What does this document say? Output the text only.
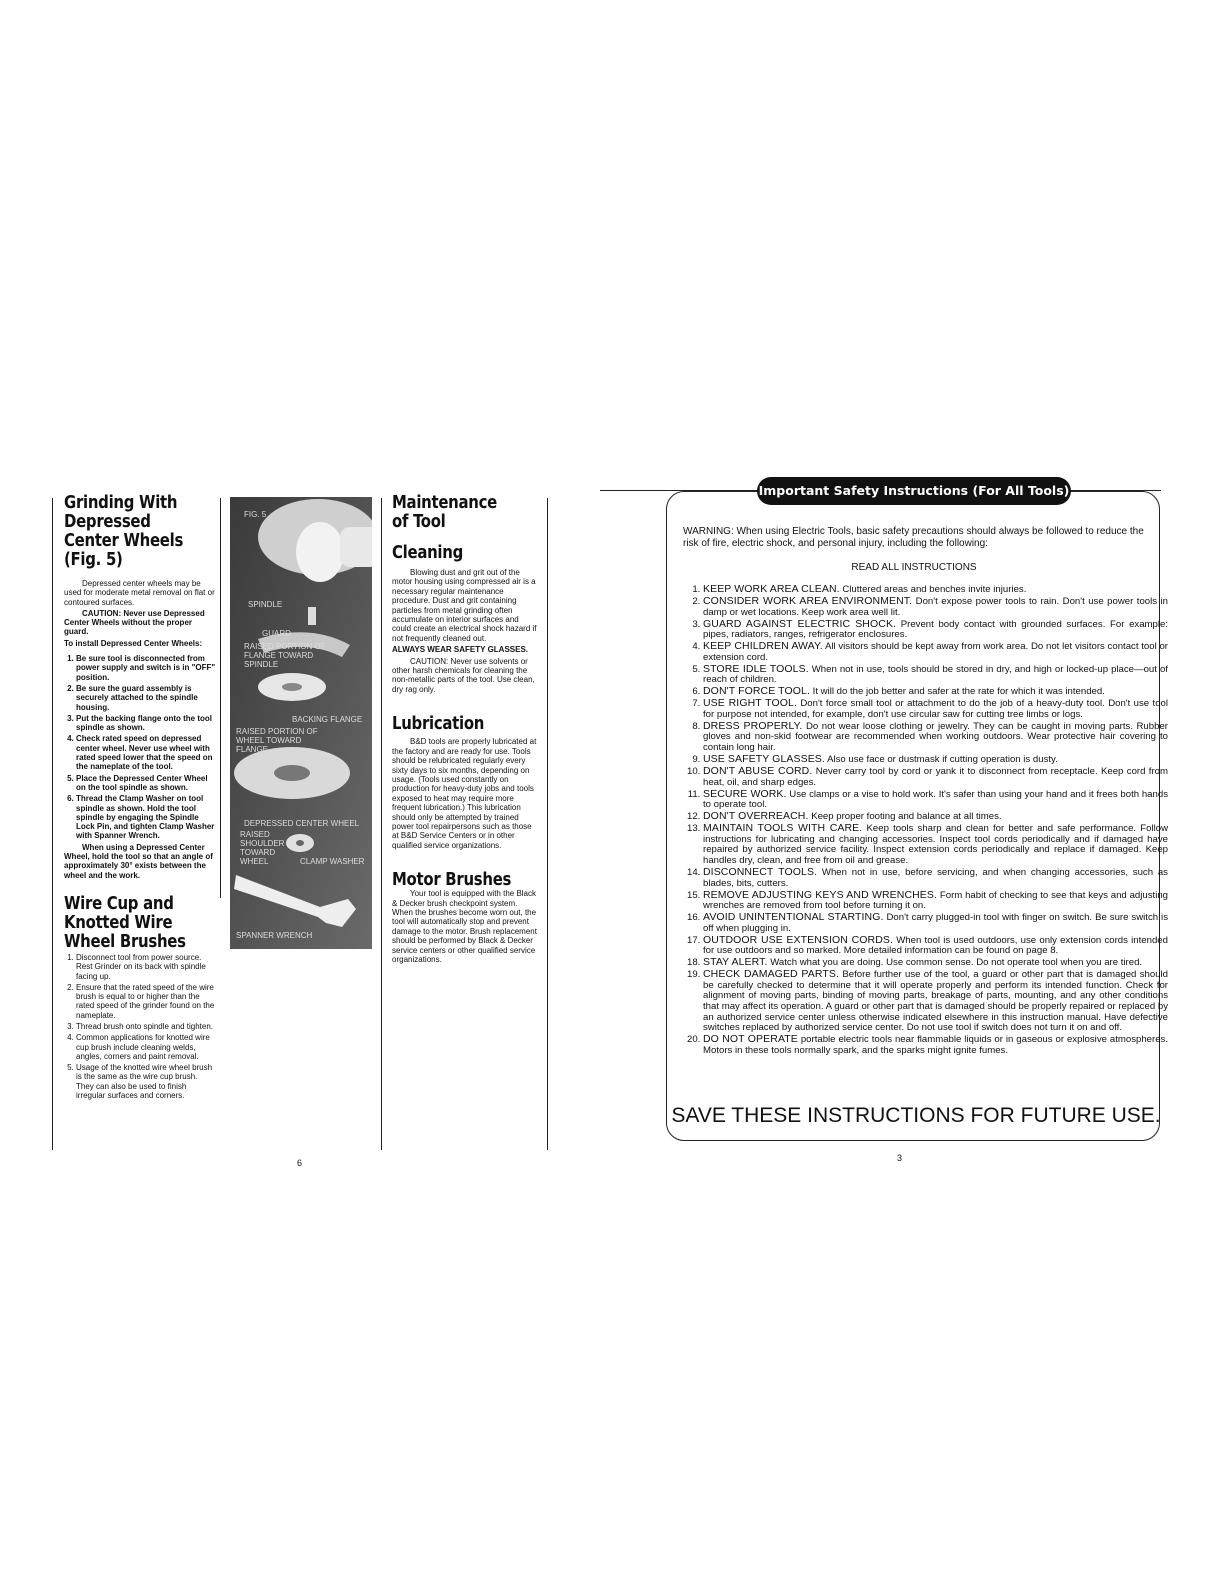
Grinding With
Depressed
Center Wheels
(Fig. 5)

Depressed center wheels may be used for moderate metal removal on flat or contoured surfaces.

CAUTION: Never use Depressed Center Wheels without the proper guard.

To install Depressed Center Wheels:

1. Be sure tool is disconnected from power supply and switch is in "OFF" position.
2. Be sure the guard assembly is securely attached to the spindle housing.
3. Put the backing flange onto the tool spindle as shown.
4. Check rated speed on depressed center wheel. Never use wheel with rated speed lower that the speed on the nameplate of the tool.
5. Place the Depressed Center Wheel on the tool spindle as shown.
6. Thread the Clamp Washer on tool spindle as shown. Hold the tool spindle by engaging the Spindle Lock Pin, and tighten Clamp Washer with Spanner Wrench.

When using a Depressed Center Wheel, hold the tool so that an angle of approximately 30° exists between the wheel and the work.

Wire Cup and
Knotted Wire
Wheel Brushes
1. Disconnect tool from power source. Rest Grinder on its back with spindle facing up.
2. Ensure that the rated speed of the wire brush is equal to or higher than the rated speed of the grinder found on the nameplate.
3. Thread brush onto spindle and tighten.
4. Common applications for knotted wire cup brush include cleaning welds, angles, corners and paint removal.
5. Usage of the knotted wire wheel brush is the same as the wire cup brush. They can also be used to finish irregular surfaces and corners.
FIG. 5
SPINDLE
GUARD
RAISED PORTION OF FLANGE TOWARD SPINDLE
BACKING FLANGE
RAISED PORTION OF WHEEL TOWARD FLANGE
DEPRESSED CENTER WHEEL
RAISED SHOULDER TOWARD WHEEL	CLAMP WASHER
SPANNER WRENCH
Maintenance
of Tool
Cleaning

Blowing dust and grit out of the motor housing using compressed air is a necessary regular maintenance procedure. Dust and grit containing particles from metal grinding often accumulate on interior surfaces and could create an electrical shock hazard if not frequently cleaned out.

ALWAYS WEAR SAFETY GLASSES.

CAUTION: Never use solvents or other harsh chemicals for cleaning the non-metallic parts of the tool. Use clean, dry rag only.

Lubrication

B&D tools are properly lubricated at the factory and are ready for use. Tools should be relubricated regularly every sixty days to six months, depending on usage. (Tools used constantly on production for heavy-duty jobs and tools exposed to heat may require more frequent lubrication.) This lubrication should only be attempted by trained power tool repairpersons such as those at B&D Service Centers or in other qualified service organizations.

Motor Brushes

Your tool is equipped with the Black & Decker brush checkpoint system. When the brushes become worn out, the tool will automatically stop and prevent damage to the motor. Brush replacement should be performed by Black & Decker service centers or other qualified service organizations.

6
Important Safety Instructions (For All Tools)
WARNING: When using Electric Tools, basic safety precautions should always be followed to reduce the risk of fire, electric shock, and personal injury, including the following:
READ ALL INSTRUCTIONS
1. KEEP WORK AREA CLEAN. Cluttered areas and benches invite injuries.
2. CONSIDER WORK AREA ENVIRONMENT. Don't expose power tools to rain. Don't use power tools in damp or wet locations. Keep work area well lit.
3. GUARD AGAINST ELECTRIC SHOCK. Prevent body contact with grounded surfaces. For example: pipes, radiators, ranges, refrigerator enclosures.
4. KEEP CHILDREN AWAY. All visitors should be kept away from work area. Do not let visitors contact tool or extension cord.
5. STORE IDLE TOOLS. When not in use, tools should be stored in dry, and high or locked-up place—out of reach of children.
6. DON'T FORCE TOOL. It will do the job better and safer at the rate for which it was intended.
7. USE RIGHT TOOL. Don't force small tool or attachment to do the job of a heavy-duty tool. Don't use tool for purpose not intended, for example, don't use circular saw for cutting tree limbs or logs.
8. DRESS PROPERLY. Do not wear loose clothing or jewelry. They can be caught in moving parts. Rubber gloves and non-skid footwear are recommended when working outdoors. Wear protective hair covering to contain long hair.
9. USE SAFETY GLASSES. Also use face or dustmask if cutting operation is dusty.
10. DON'T ABUSE CORD. Never carry tool by cord or yank it to disconnect from receptacle. Keep cord from heat, oil, and sharp edges.
11. SECURE WORK. Use clamps or a vise to hold work. It's safer than using your hand and it frees both hands to operate tool.
12. DON'T OVERREACH. Keep proper footing and balance at all times.
13. MAINTAIN TOOLS WITH CARE. Keep tools sharp and clean for better and safe performance. Follow instructions for lubricating and changing accessories. Inspect tool cords periodically and if damaged have repaired by authorized service facility. Inspect extension cords periodically and replace if damaged. Keep handles dry, clean, and free from oil and grease.
14. DISCONNECT TOOLS. When not in use, before servicing, and when changing accessories, such as blades, bits, cutters.
15. REMOVE ADJUSTING KEYS AND WRENCHES. Form habit of checking to see that keys and adjusting wrenches are removed from tool before turning it on.
16. AVOID UNINTENTIONAL STARTING. Don't carry plugged-in tool with finger on switch. Be sure switch is off when plugging in.
17. OUTDOOR USE EXTENSION CORDS. When tool is used outdoors, use only extension cords intended for use outdoors and so marked. More detailed information can be found on page 8.
18. STAY ALERT. Watch what you are doing. Use common sense. Do not operate tool when you are tired.
19. CHECK DAMAGED PARTS. Before further use of the tool, a guard or other part that is damaged should be carefully checked to determine that it will operate properly and perform its intended function. Check for alignment of moving parts, binding of moving parts, breakage of parts, mounting, and any other conditions that may affect its operation. A guard or other part that is damaged should be properly repaired or replaced by an authorized service center unless otherwise indicated elsewhere in this instruction manual. Have defective switches replaced by authorized service center. Do not use tool if switch does not turn it on and off.
20. DO NOT OPERATE portable electric tools near flammable liquids or in gaseous or explosive atmospheres. Motors in these tools normally spark, and the sparks might ignite fumes.
SAVE THESE INSTRUCTIONS FOR FUTURE USE.
3
